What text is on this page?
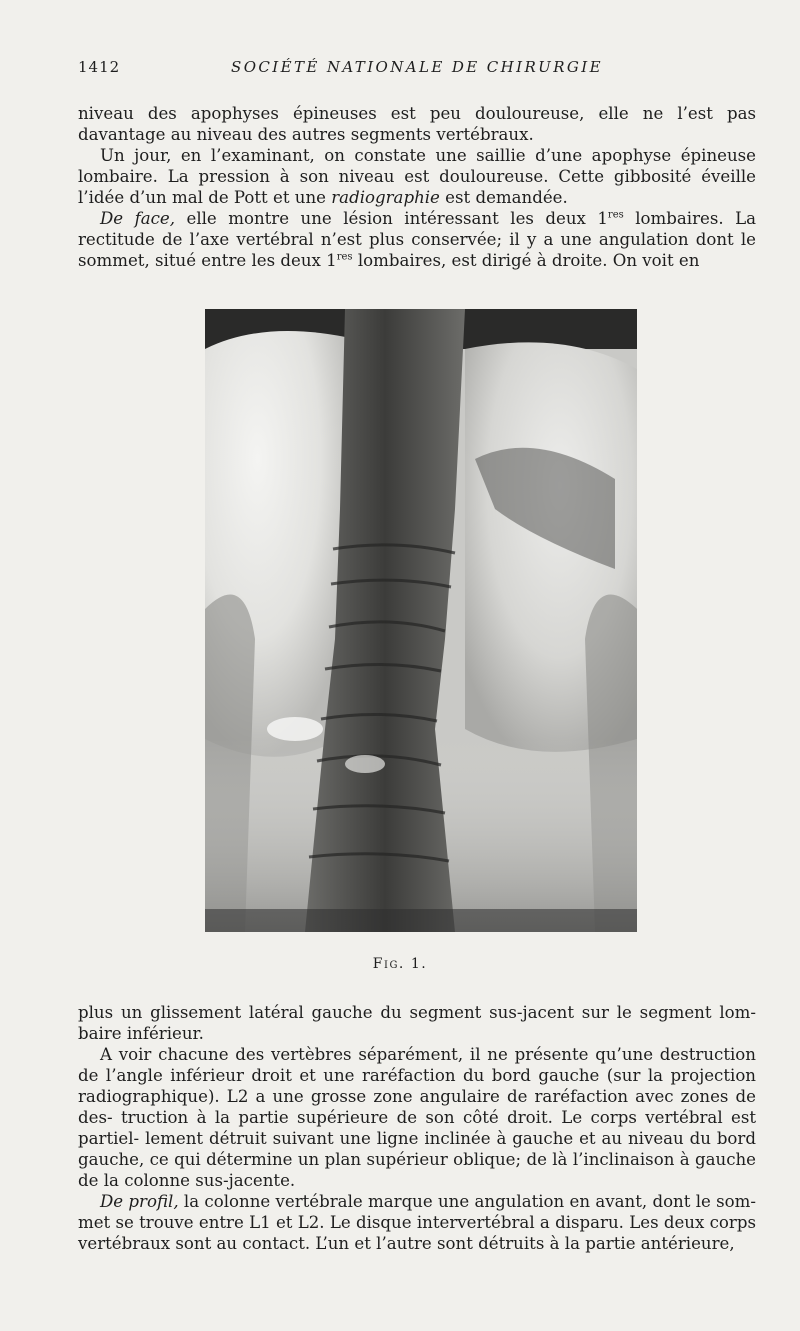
1412	SOCIÉTÉ NATIONALE DE CHIRURGIE

niveau des apophyses épineuses est peu douloureuse, elle ne l’est pas davantage au niveau des autres segments vertébraux.

Un jour, en l’examinant, on constate une saillie d’une apophyse épineuse lombaire. La pression à son niveau est douloureuse. Cette gibbosité éveille l’idée d’un mal de Pott et une radiographie est demandée.

De face, elle montre une lésion intéressant les deux 1res lombaires. La rectitude de l’axe vertébral n’est plus conservée; il y a une angulation dont le sommet, situé entre les deux 1res lombaires, est dirigé à droite. On voit en

Fig. 1.

plus un glissement latéral gauche du segment sus-jacent sur le segment lom- baire inférieur.

A voir chacune des vertèbres séparément, il ne présente qu’une destruction de l’angle inférieur droit et une raréfaction du bord gauche (sur la projection radiographique). L2 a une grosse zone angulaire de raréfaction avec zones de des- truction à la partie supérieure de son côté droit. Le corps vertébral est partiel- lement détruit suivant une ligne inclinée à gauche et au niveau du bord gauche, ce qui détermine un plan supérieur oblique; de là l’inclinaison à gauche de la colonne sus-jacente.

De profil, la colonne vertébrale marque une angulation en avant, dont le som- met se trouve entre L1 et L2. Le disque intervertébral a disparu. Les deux corps vertébraux sont au contact. L’un et l’autre sont détruits à la partie antérieure,
